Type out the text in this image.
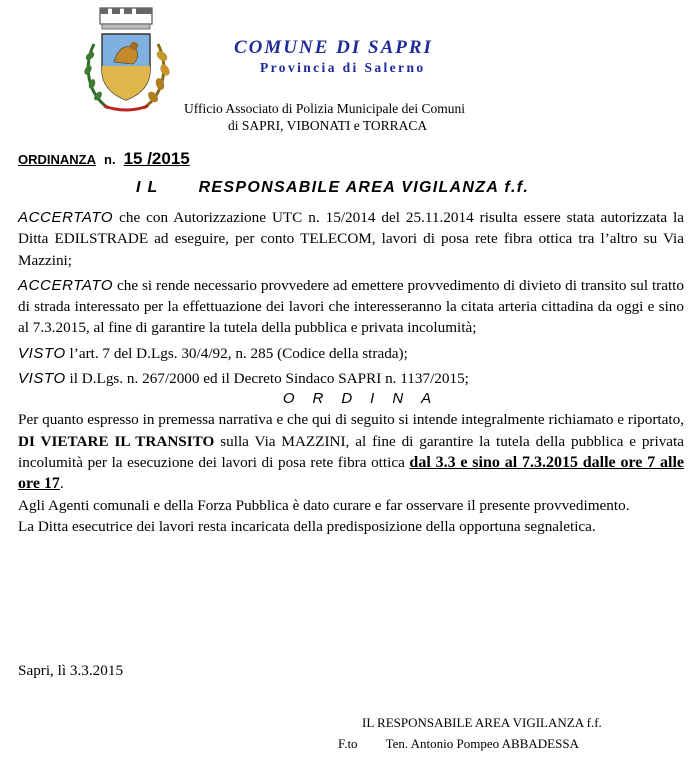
COMUNE DI SAPRI
Provincia di Salerno
Ufficio Associato di Polizia Municipale dei Comuni
di SAPRI, VIBONATI e TORRACA
ORDINANZA n. 15 /2015
I L	RESPONSABILE AREA VIGILANZA f.f.

ACCERTATO che con Autorizzazione UTC n. 15/2014 del 25.11.2014 risulta essere stata autorizzata la Ditta EDILSTRADE ad eseguire, per conto TELECOM, lavori di posa rete fibra ottica tra l’altro su Via Mazzini;

ACCERTATO che si rende necessario provvedere ad emettere provvedimento di divieto di transito sul tratto di strada interessato per la effettuazione dei lavori che interesseranno la citata arteria cittadina da oggi e sino al 7.3.2015, al fine di garantire la tutela della pubblica e privata incolumità;

VISTO l’art. 7 del D.Lgs. 30/4/92, n. 285 (Codice della strada);

VISTO il D.Lgs. n. 267/2000 ed il Decreto Sindaco SAPRI n. 1137/2015;

ORDINA

Per quanto espresso in premessa narrativa e che qui di seguito si intende integralmente richiamato e riportato, DI VIETARE IL TRANSITO sulla Via MAZZINI, al fine di garantire la tutela della pubblica e privata incolumità per la esecuzione dei lavori di posa rete fibra ottica dal 3.3 e sino al 7.3.2015 dalle ore 7 alle ore 17.

Agli Agenti comunali e della Forza Pubblica è dato curare e far osservare il presente provvedimento.

La Ditta esecutrice dei lavori resta incaricata della predisposizione della opportuna segnaletica.

Sapri, lì 3.3.2015
IL RESPONSABILE AREA VIGILANZA f.f.
F.to Ten. Antonio Pompeo ABBADESSA
